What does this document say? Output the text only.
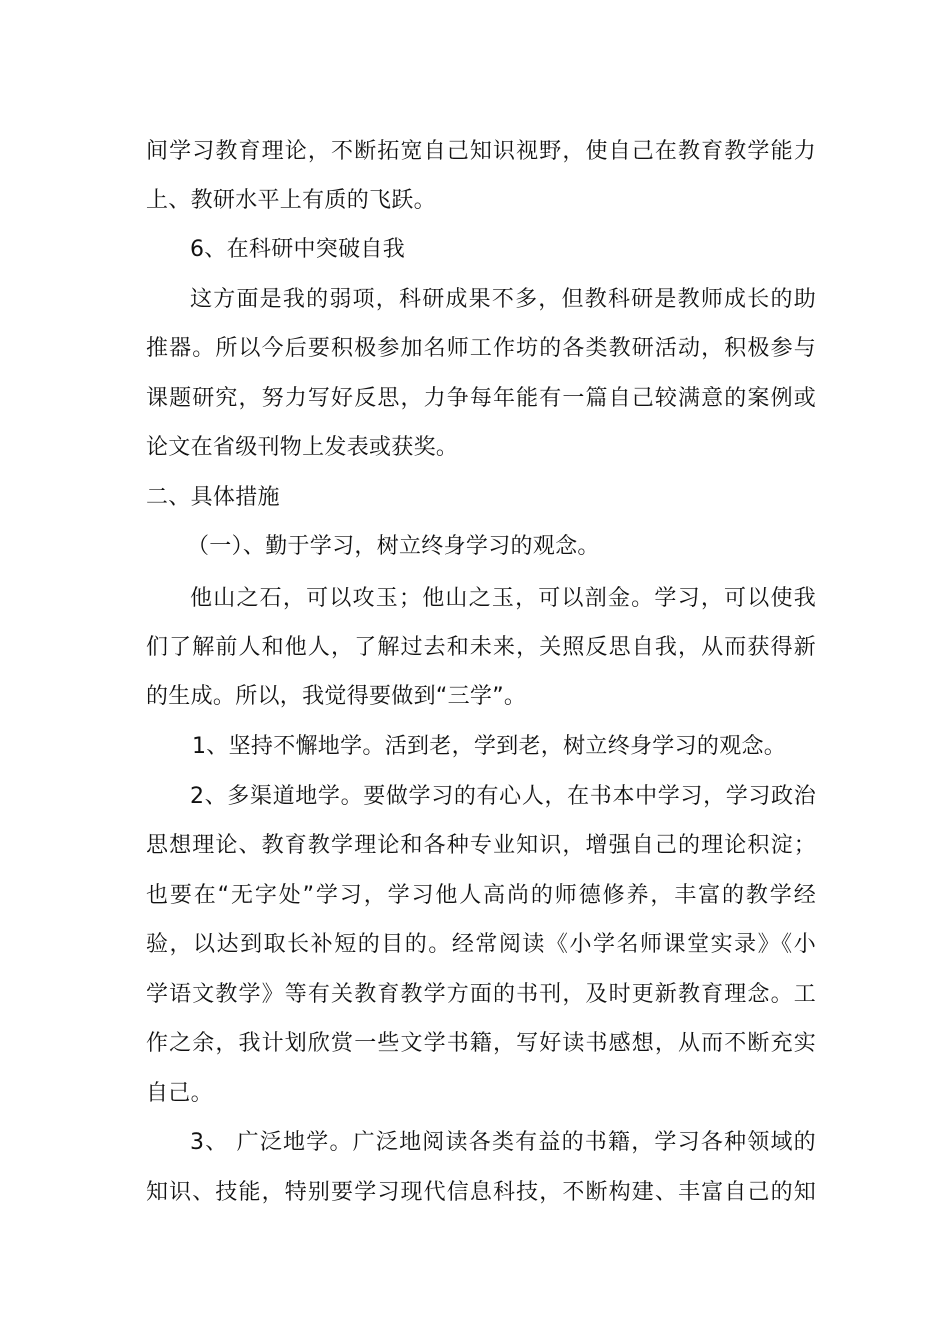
间学习教育理论，不断拓宽自己知识视野，使自己在教育教学能力
上、教研水平上有质的飞跃。
6、在科研中突破自我
这方面是我的弱项，科研成果不多，但教科研是教师成长的助
推器。所以今后要积极参加名师工作坊的各类教研活动，积极参与
课题研究，努力写好反思，力争每年能有一篇自己较满意的案例或
论文在省级刊物上发表或获奖。
二、具体措施
（一）、勤于学习，树立终身学习的观念。
他山之石，可以攻玉；他山之玉，可以剖金。学习，可以使我
们了解前人和他人，了解过去和未来，关照反思自我，从而获得新
的生成。所以，我觉得要做到“三学”。
1、坚持不懈地学。活到老，学到老，树立终身学习的观念。
2、多渠道地学。要做学习的有心人，在书本中学习，学习政治
思想理论、教育教学理论和各种专业知识，增强自己的理论积淀；
也要在“无字处”学习，学习他人高尚的师德修养，丰富的教学经
验，以达到取长补短的目的。经常阅读《小学名师课堂实录》《小
学语文教学》等有关教育教学方面的书刊，及时更新教育理念。工
作之余，我计划欣赏一些文学书籍，写好读书感想，从而不断充实
自己。
3、 广泛地学。广泛地阅读各类有益的书籍，学习各种领域的
知识、技能，特别要学习现代信息科技，不断构建、丰富自己的知
